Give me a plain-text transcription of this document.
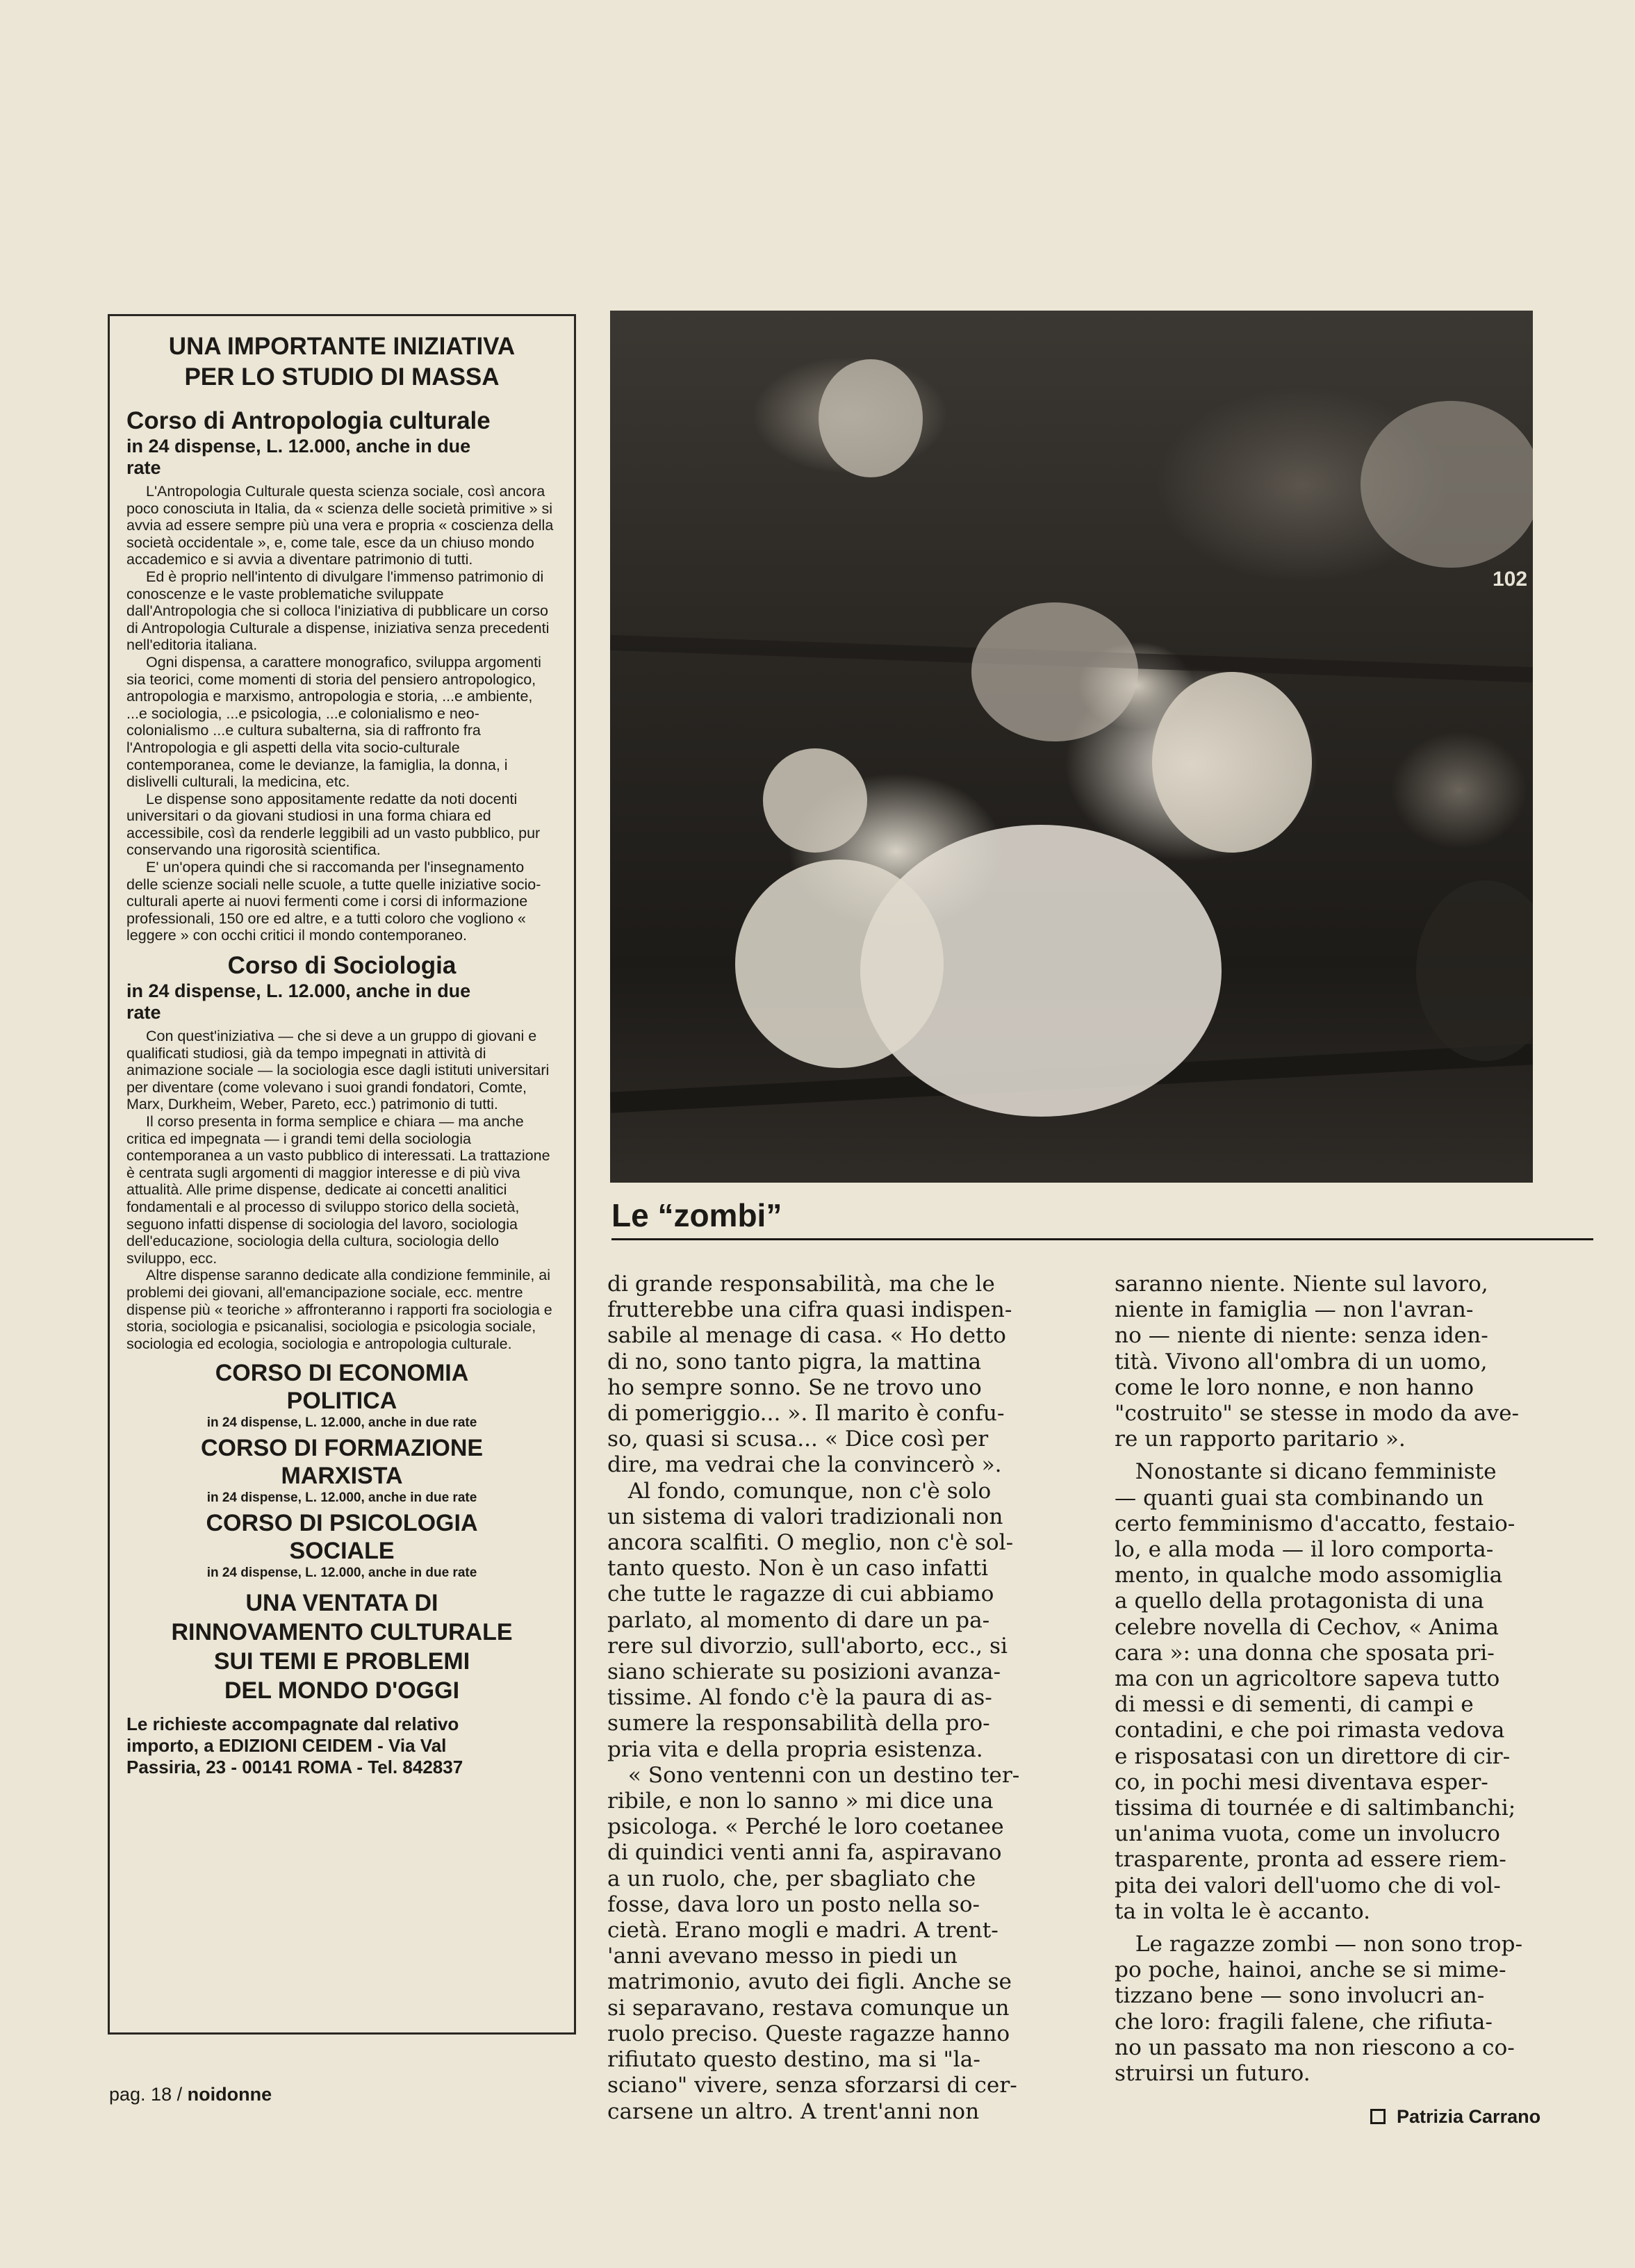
UNA IMPORTANTE INIZIATIVA
PER LO STUDIO DI MASSA
Corso di Antropologia culturale
in 24 dispense, L. 12.000, anche in due
rate

L'Antropologia Culturale questa scienza sociale, così ancora poco conosciuta in Italia, da « scienza delle società primitive » si avvia ad essere sempre più una vera e propria « coscienza della società occidentale », e, come tale, esce da un chiuso mondo accademico e si avvia a diventare patrimonio di tutti.

Ed è proprio nell'intento di divulgare l'immenso patrimonio di conoscenze e le vaste problematiche sviluppate dall'Antropologia che si colloca l'iniziativa di pubblicare un corso di Antropologia Culturale a dispense, iniziativa senza precedenti nell'editoria italiana.

Ogni dispensa, a carattere monografico, sviluppa argomenti sia teorici, come momenti di storia del pensiero antropologico, antropologia e marxismo, antropologia e storia, ...e ambiente, ...e sociologia, ...e psicologia, ...e colonialismo e neo-colonialismo ...e cultura subalterna, sia di raffronto fra l'Antropologia e gli aspetti della vita socio-culturale contemporanea, come le devianze, la famiglia, la donna, i dislivelli culturali, la medicina, etc.

Le dispense sono appositamente redatte da noti docenti universitari o da giovani studiosi in una forma chiara ed accessibile, così da renderle leggibili ad un vasto pubblico, pur conservando una rigorosità scientifica.

E' un'opera quindi che si raccomanda per l'insegnamento delle scienze sociali nelle scuole, a tutte quelle iniziative socio-culturali aperte ai nuovi fermenti come i corsi di informazione professionali, 150 ore ed altre, e a tutti coloro che vogliono « leggere » con occhi critici il mondo contemporaneo.

Corso di Sociologia
in 24 dispense, L. 12.000, anche in due
rate

Con quest'iniziativa — che si deve a un gruppo di giovani e qualificati studiosi, già da tempo impegnati in attività di animazione sociale — la sociologia esce dagli istituti universitari per diventare (come volevano i suoi grandi fondatori, Comte, Marx, Durkheim, Weber, Pareto, ecc.) patrimonio di tutti.

Il corso presenta in forma semplice e chiara — ma anche critica ed impegnata — i grandi temi della sociologia contemporanea a un vasto pubblico di interessati. La trattazione è centrata sugli argomenti di maggior interesse e di più viva attualità. Alle prime dispense, dedicate ai concetti analitici fondamentali e al processo di sviluppo storico della società, seguono infatti dispense di sociologia del lavoro, sociologia dell'educazione, sociologia della cultura, sociologia dello sviluppo, ecc.

Altre dispense saranno dedicate alla condizione femminile, ai problemi dei giovani, all'emancipazione sociale, ecc. mentre dispense più « teoriche » affronteranno i rapporti fra sociologia e storia, sociologia e psicanalisi, sociologia e psicologia sociale, sociologia ed ecologia, sociologia e antropologia culturale.

CORSO DI ECONOMIA
POLITICA
in 24 dispense, L. 12.000, anche in due rate
CORSO DI FORMAZIONE
MARXISTA
in 24 dispense, L. 12.000, anche in due rate
CORSO DI PSICOLOGIA
SOCIALE
in 24 dispense, L. 12.000, anche in due rate
UNA VENTATA DI
RINNOVAMENTO CULTURALE
SUI TEMI E PROBLEMI
DEL MONDO D'OGGI
Le richieste accompagnate dal relativo
importo, a EDIZIONI CEIDEM - Via Val
Passiria, 23 - 00141 ROMA - Tel. 842837
102
Le “zombi”
di grande responsabilità, ma che le
frutterebbe una cifra quasi indispen-
sabile al menage di casa. « Ho detto
di no, sono tanto pigra, la mattina
ho sempre sonno. Se ne trovo uno
di pomeriggio... ». Il marito è confu-
so, quasi si scusa... « Dice così per
dire, ma vedrai che la convincerò ».
Al fondo, comunque, non c'è solo
un sistema di valori tradizionali non
ancora scalfiti. O meglio, non c'è sol-
tanto questo. Non è un caso infatti
che tutte le ragazze di cui abbiamo
parlato, al momento di dare un pa-
rere sul divorzio, sull'aborto, ecc., si
siano schierate su posizioni avanza-
tissime. Al fondo c'è la paura di as-
sumere la responsabilità della pro-
pria vita e della propria esistenza.
« Sono ventenni con un destino ter-
ribile, e non lo sanno » mi dice una
psicologa. « Perché le loro coetanee
di quindici venti anni fa, aspiravano
a un ruolo, che, per sbagliato che
fosse, dava loro un posto nella so-
cietà. Erano mogli e madri. A trent-
'anni avevano messo in piedi un
matrimonio, avuto dei figli. Anche se
si separavano, restava comunque un
ruolo preciso. Queste ragazze hanno
rifiutato questo destino, ma si "la-
sciano" vivere, senza sforzarsi di cer-
carsene un altro. A trent'anni non
saranno niente. Niente sul lavoro,
niente in famiglia — non l'avran-
no — niente di niente: senza iden-
tità. Vivono all'ombra di un uomo,
come le loro nonne, e non hanno
"costruito" se stesse in modo da ave-
re un rapporto paritario ».
Nonostante si dicano femministe
— quanti guai sta combinando un
certo femminismo d'accatto, festaio-
lo, e alla moda — il loro comporta-
mento, in qualche modo assomiglia
a quello della protagonista di una
celebre novella di Cechov, « Anima
cara »: una donna che sposata pri-
ma con un agricoltore sapeva tutto
di messi e di sementi, di campi e
contadini, e che poi rimasta vedova
e risposatasi con un direttore di cir-
co, in pochi mesi diventava esper-
tissima di tournée e di saltimbanchi;
un'anima vuota, come un involucro
trasparente, pronta ad essere riem-
pita dei valori dell'uomo che di vol-
ta in volta le è accanto.
Le ragazze zombi — non sono trop-
po poche, hainoi, anche se si mime-
tizzano bene — sono involucri an-
che loro: fragili falene, che rifiuta-
no un passato ma non riescono a co-
struirsi un futuro.
Patrizia Carrano
pag. 18 / noidonne
